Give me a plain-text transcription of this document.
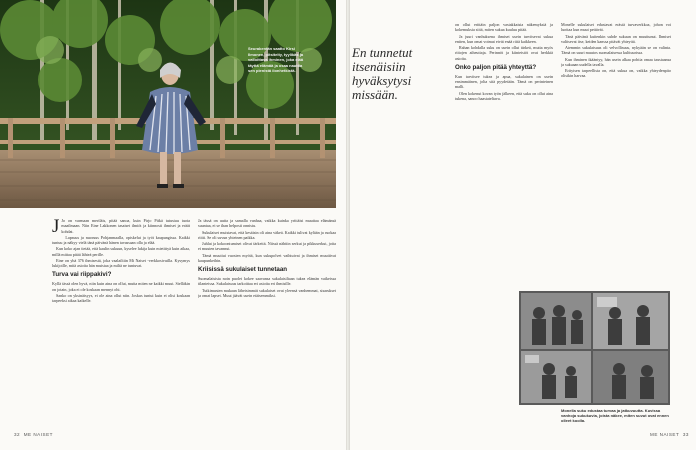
Seurakentän saatto Kirsi Ilmonen, pitsitelty, tyylikäs ja valloittava ihminen, joka elää täyttä elämää ja osaa nauttia sen pienistä ilonhetkistä.

J Jo on varmaan meriläis, pitää sanoa, kuin Pirjo Pitkä tutustuu tuota maailmaan. Niin Eine Lakkonen tasaiset ilmiöt ja kiinnosti ihmiset ja eräät kohdat.

Lapsuus ja nuoruus Pohjanmaalla, opiskelut ja työt kaupungissa. Kaikki tuntuu ja näkyy vielä tänä päivänä hänen tavassaan olla ja elää.

Kun koko ajan tietää, että kaulin sukuun, kyselee lukija kuin mietittyä kuin aikaa, millä mittaa pitää lähteä perille.

Eine on yhä 376 ihmisestä, joka vaalailtiin Mi Naiset -verkkosivuilla. Kysymys lukijoille, mitä asioita hän muistaa ja miltä ne tuntuvat.

Turva vai riippakivi?

Kyllä tässä olen hyvä, niin kuin aina on ollut, mutta miten ne kaikki muut. Sielläkin on jotain, joka ei ole koskaan mennyt ohi.

Sanko on yksinäisyys, ei ole aina ollut niin. Joskus tuntui kuin ei olisi koskaan tarpeeksi aikaa kaikelle.

Ja tässä on uutta ja samalla vanhaa, vaikka kuinka yrittäisi muuttaa elämänsä suuntaa, ei se ihan helposti onnistu.

Sukulaiset muistavat, että kesäisin oli aina väkeä. Kaikki tulivat kylään ja ruokaa riitti. Se oli suvun yhteinen paikka.

Juhlat ja kokoontumiset olivat tärkeitä. Niissä nähtiin serkut ja pikkuserkut, joita ei muuten tavannut.

Tämä muuttui vuosien myötä, kun sukupolvet vaihtuivat ja ihmiset muuttivat kaupunkeihin.

Kriisissä sukulaiset tunnetaan

Suomalaisista noin puolet kokee saavansa sukulaisiltaan tukea elämän vaikeissa tilanteissa. Sukulaisuus tarkoittaa eri asioita eri ihmisille.

Tutkimusten mukaan läheisimmät sukulaiset ovat yleensä vanhemmat, sisarukset ja omat lapset. Muut jäävät usein etäisemmiksi.

32 ME NAISET
En tunnetut itsenäisiin hyväksytysi missään.

on ollut erittäin paljon vastakkaisia näkemyksiä ja kokemuksia siitä, miten sukua kuuluu pitää.

Ja juuri vanhuksena ihmiset usein tarvitsevat sukua eniten, kun omat voimat eivät enää riitä kaikkeen.

Rahan kohdalla suku on usein ollut tärkeä, mutta myös riitojen aiheuttaja. Perinnöt ja kiinteistöt ovat herkkiä asioita.

Onko paljon pitää yhteyttä?

Kun tarvitsee tukea ja apua, sukulainen on usein ensimmäinen, jolta sitä pyydetään. Tämä on perinteinen malli.

Olen kokenut kovan työn jälkeen, että suku on ollut aina tukena, sanoo haastateltava.

Monelle sukulaiset edustavat erästä turvaverkkoa, johon voi luottaa kun muut pettävät.

Tänä päivänä kuitenkin suhde sukuun on muuttunut. Ihmiset valitsevat itse, keiden kanssa pitävät yhteyttä.

Aiemmin sukulaisuus oli velvollisuus, nykyään se on valinta. Tämä on suuri muutos suomalaisessa kulttuurissa.

Kun ihminen ikääntyy, hän usein alkaa pohtia omaa taustaansa ja sukuaan uudella tavalla.

Erityisen tarpeellista on, että sukua on, vaikka yhteydenpito olisikin harvaa.

Monella suku edustaa turvaa ja jatkuvuutta. Kuvissa vanhoja sukukuvia, joista näkee, miten suvut ovat ennen olleet koolla.
ME NAISET 33
